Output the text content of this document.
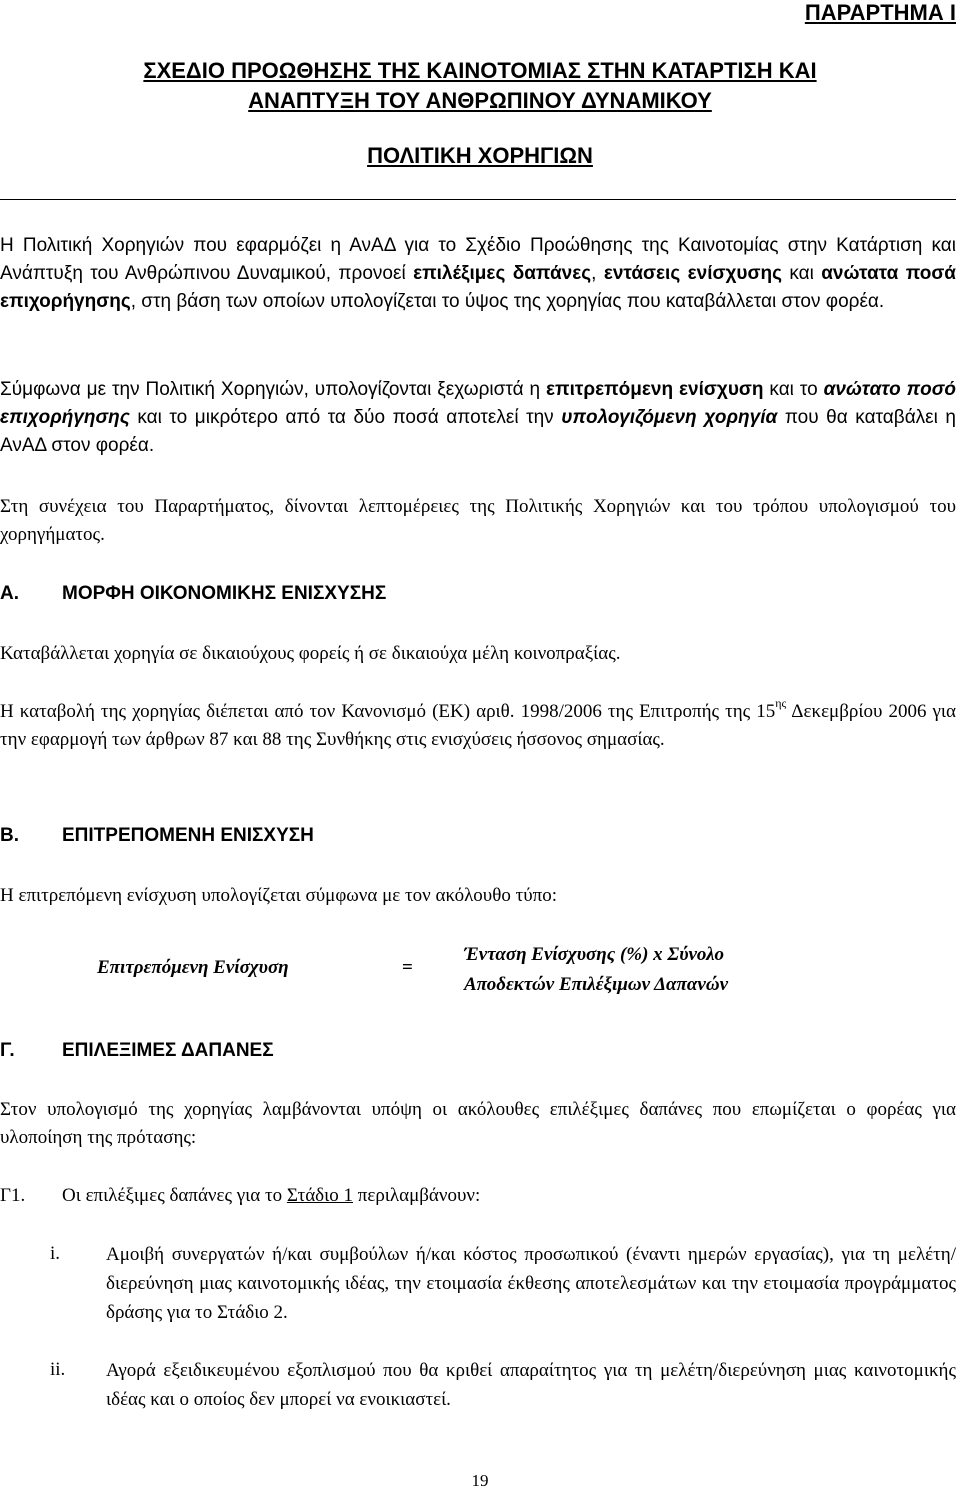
ΠΑΡΑΡΤΗΜΑ Ι
ΣΧΕΔΙΟ ΠΡΟΩΘΗΣΗΣ ΤΗΣ ΚΑΙΝΟΤΟΜΙΑΣ ΣΤΗΝ ΚΑΤΑΡΤΙΣΗ ΚΑΙ
ΑΝΑΠΤΥΞΗ ΤΟΥ ΑΝΘΡΩΠΙΝΟΥ ΔΥΝΑΜΙΚΟΥ
ΠΟΛΙΤΙΚΗ ΧΟΡΗΓΙΩΝ

Η Πολιτική Χορηγιών που εφαρμόζει η ΑνΑΔ για το Σχέδιο Προώθησης της Καινοτομίας στην Κατάρτιση και Ανάπτυξη του Ανθρώπινου Δυναμικού, προνοεί επιλέξιμες δαπάνες, εντάσεις ενίσχυσης και ανώτατα ποσά επιχορήγησης, στη βάση των οποίων υπολογίζεται το ύψος της χορηγίας που καταβάλλεται στον φορέα.

Σύμφωνα με την Πολιτική Χορηγιών, υπολογίζονται ξεχωριστά η επιτρεπόμενη ενίσχυση και το ανώτατο ποσό επιχορήγησης και το μικρότερο από τα δύο ποσά αποτελεί την υπολογιζόμενη χορηγία που θα καταβάλει η ΑνΑΔ στον φορέα.

Στη συνέχεια του Παραρτήματος, δίνονται λεπτομέρειες της Πολιτικής Χορηγιών και του τρόπου υπολογισμού του χορηγήματος.

Α. ΜΟΡΦΗ ΟΙΚΟΝΟΜΙΚΗΣ ΕΝΙΣΧΥΣΗΣ

Καταβάλλεται χορηγία σε δικαιούχους φορείς ή σε δικαιούχα μέλη κοινοπραξίας.

Η καταβολή της χορηγίας διέπεται από τον Κανονισμό (ΕΚ) αριθ. 1998/2006 της Επιτροπής της $15^{\eta\varsigma}$ Δεκεμβρίου 2006 για την εφαρμογή των άρθρων 87 και 88 της Συνθήκης στις ενισχύσεις ήσσονος σημασίας.

Β. ΕΠΙΤΡΕΠΟΜΕΝΗ ΕΝΙΣΧΥΣΗ

Η επιτρεπόμενη ενίσχυση υπολογίζεται σύμφωνα με τον ακόλουθο τύπο:

Επιτρεπόμενη Ενίσχυση	=
Ένταση Ενίσχυσης (%) x Σύνολο
Αποδεκτών Επιλέξιμων Δαπανών
Γ. ΕΠΙΛΕΞΙΜΕΣ ΔΑΠΑΝΕΣ

Στον υπολογισμό της χορηγίας λαμβάνονται υπόψη οι ακόλουθες επιλέξιμες δαπάνες που επωμίζεται ο φορέας για υλοποίηση της πρότασης:

Γ1. Οι επιλέξιμες δαπάνες για το Στάδιο 1 περιλαμβάνουν:
i. Αμοιβή συνεργατών ή/και συμβούλων ή/και κόστος προσωπικού (έναντι ημερών εργασίας), για τη μελέτη/διερεύνηση μιας καινοτομικής ιδέας, την ετοιμασία έκθεσης αποτελεσμάτων και την ετοιμασία προγράμματος δράσης για το Στάδιο 2.

ii. Αγορά εξειδικευμένου εξοπλισμού που θα κριθεί απαραίτητος για τη μελέτη/διερεύνηση μιας καινοτομικής ιδέας και ο οποίος δεν μπορεί να ενοικιαστεί.

19
